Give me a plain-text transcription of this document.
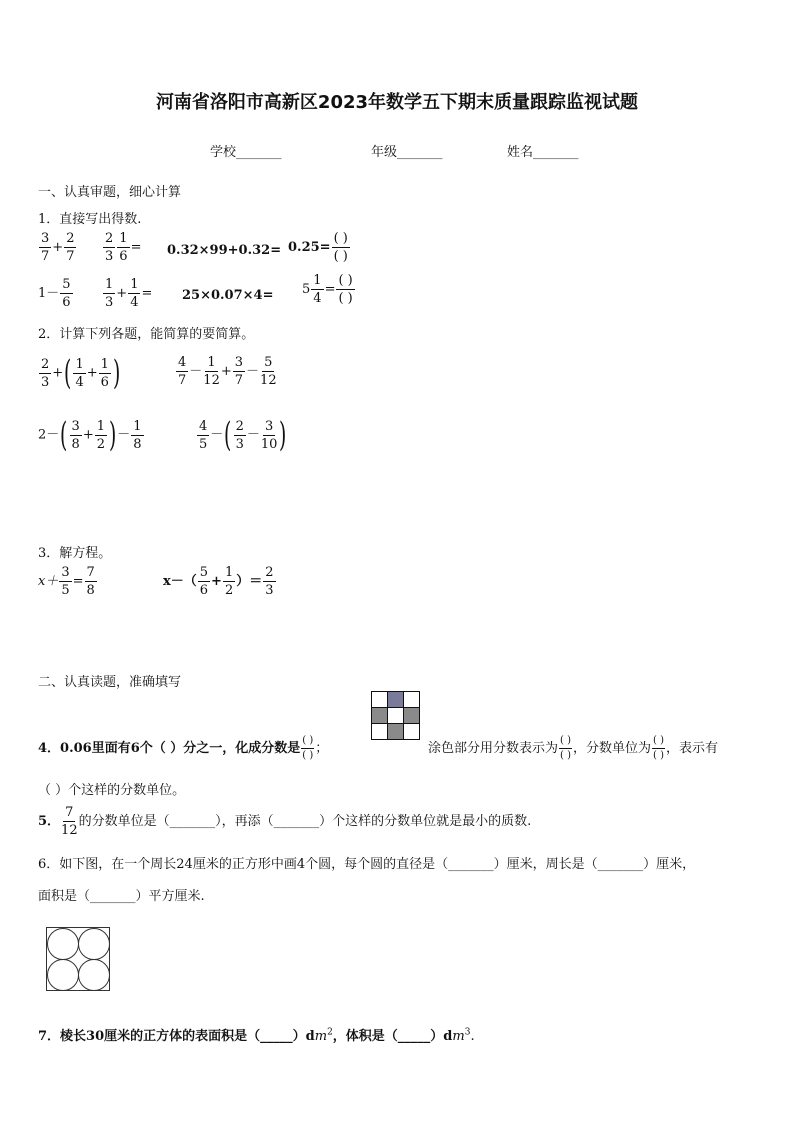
河南省洛阳市高新区2023年数学五下期末质量跟踪监视试题
学校_______	年级_______	姓名_______
一、认真审题，细心计算
1．直接写出得数.
$\frac{3}{7} + \frac{2}{7} \frac{2}{3} \frac{1}{6} = 0.32\times 99+0.32= 0.25= \frac{( )}{( )}$
$1- \frac{5}{6} \frac{1}{3} + \frac{1}{4} = 25\times 0.07\times 4= 5 \frac{1}{4} = \frac{( )}{( )}$
2．计算下列各题，能简算的要简算。
$\frac{2}{3}$ +( $\frac{1}{4} + \frac{1}{6}$ )	$\frac{4}{7} - \frac{1}{12} + \frac{3}{7} - \frac{5}{12}$
$2-( \frac{3}{8} + \frac{1}{2}$ )－ $\frac{1}{8}$	$\frac{4}{5}$ －( $\frac{2}{3} - \frac{3}{10}$ )
3．解方程。
$x+ \frac{3}{5} = \frac{7}{8}$	$x-( \frac{5}{6} + \frac{1}{2}$ ）＝ $\frac{2}{3}$
二、认真读题，准确填写
4．0.06里面有6个（ ）分之一，化成分数是 $\frac{( )}{( )}$ ；	涂色部分用分数表示为 $\frac{( )}{( )}$ ，分数单位为 $\frac{( )}{( )}$ ，表示有
（ ）个这样的分数单位。
5． $\frac{7}{12}$ 的分数单位是（_______），再添（_______）个这样的分数单位就是最小的质数.
6．如下图，在一个周长24厘米的正方形中画4个圆，每个圆的直径是（_______）厘米，周长是（_______）厘米，
面积是（_______）平方厘米.
7．棱长30厘米的正方体的表面积是$(\_\_\_\_\_)dm^2$，体积是$(\_\_\_\_\_)dm^3$.
